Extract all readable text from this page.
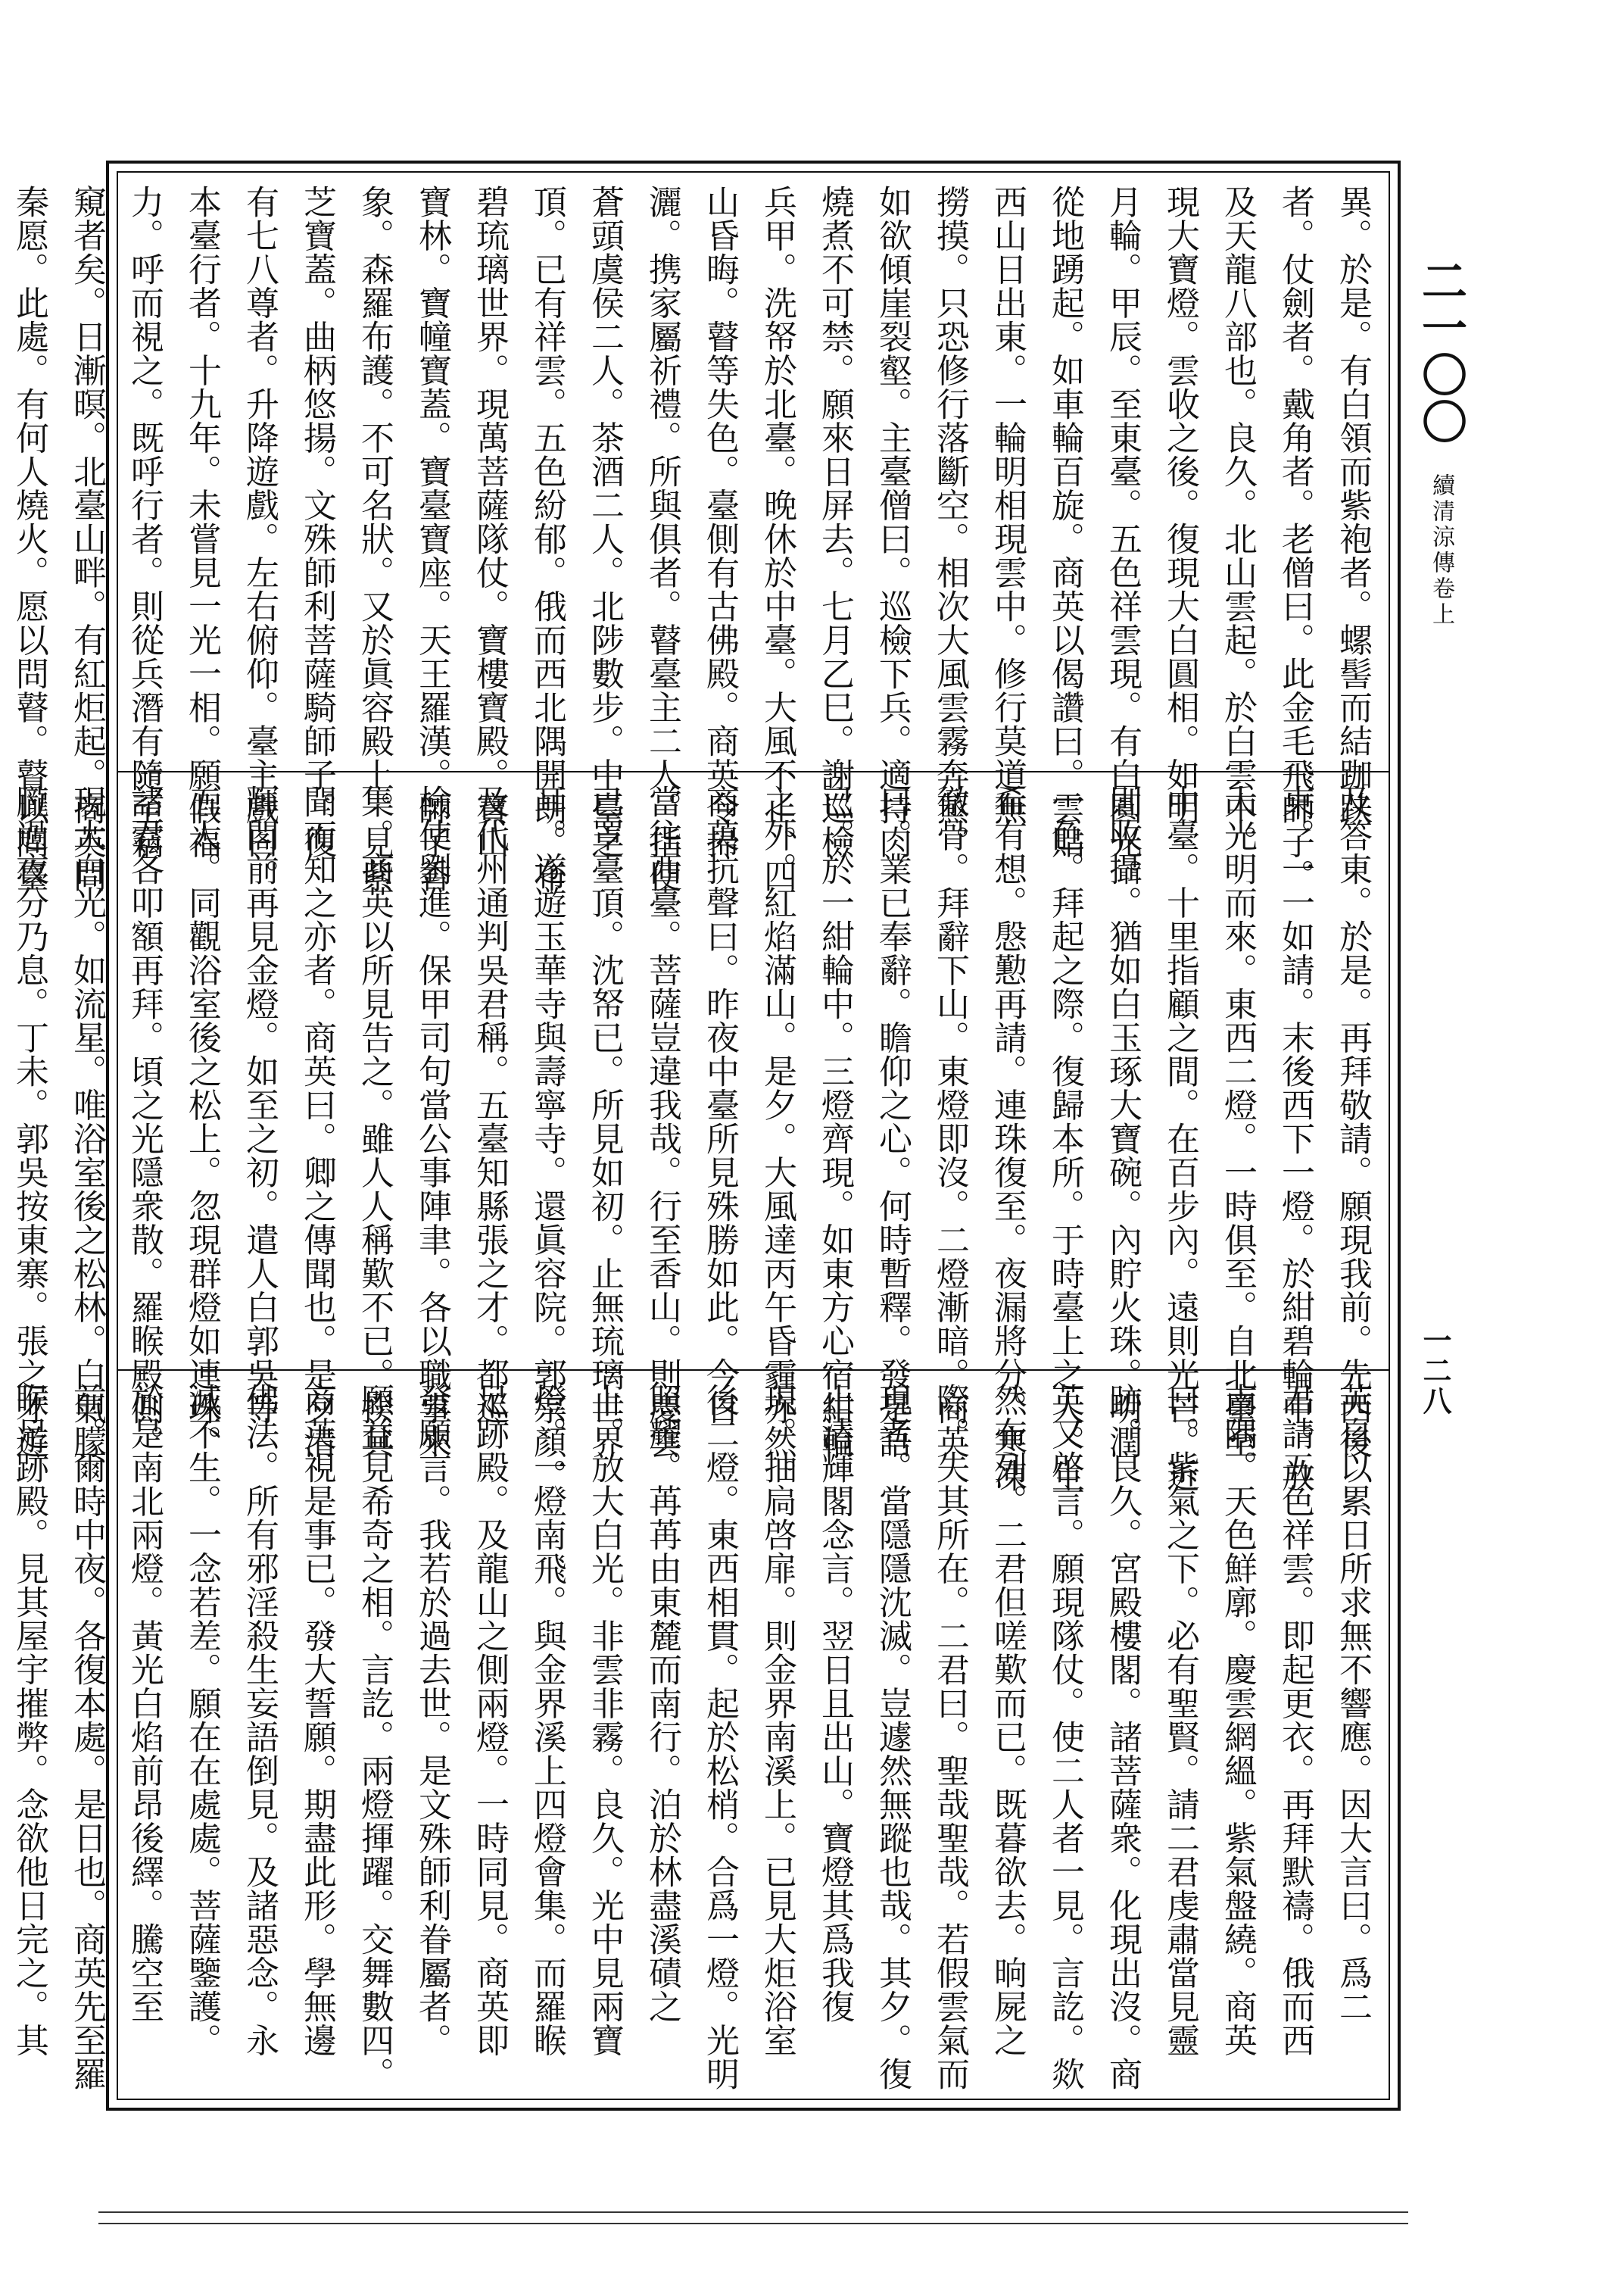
二一〇〇 續清涼傳卷上
一二八
異。於是。有白領而紫袍者。螺髻而結跏趺
者。仗劍者。戴角者。老僧曰。此金毛飛師子。
及天龍八部也。良久。北山雲起。於白雲中。
現大寶燈。雲收之後。復現大白圓相。如明
月輪。甲辰。至東臺。五色祥雲現。有白圓光。
從地踴起。如車輪百旋。商英以偈讚曰。雲貼
西山日出東。一輪明相現雲中。修行莫道無
撈摸。只恐修行落斷空。相次大風雲霧奔蒸。
如欲傾崖裂壑。主臺僧曰。巡檢下兵。適持肉
燒煮不可禁。願來日屏去。七月乙巳。謝巡檢
兵甲。洗帑於北臺。晚休於中臺。大風不止。四
山昏晦。瞽等失色。臺側有古佛殿。商英令掃
灑。携家屬祈禮。所與俱者。瞽臺主二人。指使
蒼頭虞侯二人。茶酒二人。北陟數步。中臺之
頂。已有祥雲。五色紛郁。俄而西北隅開朗。布
碧琉璃世界。現萬菩薩隊仗。寶樓寶殿。寶山
寶林。寶幢寶蓋。寶臺寶座。天王羅漢。師子香
象。森羅布護。不可名狀。又於眞容殿上。見紫
芝寶蓋。曲柄悠揚。文殊師利菩薩騎師子。復
有七八尊者。升降遊戲。左右俯仰。臺主戲曰。
本臺行者。十九年。未嘗見一光一相。願假福
力。呼而視之。既呼行者。則從兵潛有隨至竊
窺者矣。日漸暝。北臺山畔。有紅炬起。商英問
秦愿。此處。有何人燒火。愿以問瞽。瞽以問臺
及答東。於是。再拜敬請。願現我前。先西後
東。一一如請。末後西下一燈。於紺碧輪中。放
大光明而來。東西二燈。一時俱至。自北臺至
中臺。十里指顧之間。在百步內。遠則光芒。近
則收攝。猶如白玉琢大寶碗。內貯火珠。明潤
一色。拜起之際。復歸本所。于時臺上之人。生
希有想。慇懃再請。連珠復至。夜漏將分。寒凍
徹骨。拜辭下山。東燈即沒。二燈漸暗。商英
曰。業已奉辭。瞻仰之心。何時暫釋。發是語
已。於一紺輪中。三燈齊現。如東方心宿紺輪
之外。紅焰滿山。是夕。大風達丙午昏霾亦然。
商英抗聲曰。昨夜中臺所見殊勝如此。今日
當往西臺。菩薩豈違我哉。行至香山。則慶雲
已罩臺頂。沈帑已。所見如初。止無琉璃世界
耳。遂遊玉華寺與壽寧寺。還眞容院。郭宗顏。
及代州通判吳君稱。五臺知縣張之才。都巡
檢使劉進。保甲司句當公事陣聿。各以職事來
集。商英以所見告之。雖人人稱歎不已。揆其
聞而知之亦者。商英曰。卿之傳聞也。是夕清
輝閣前再見金燈。如至之初。遣人白郭吳等
五人。同觀浴室後之松上。忽現群燈如連珠。
諸君各叩額再拜。頃之光隱衆散。羅睺殿側。
現大白光。如流星。唯浴室後之松林。白氣朦
朧過夜分乃息。丁未。郭吳按東寨。張之才遊
英自以累日所求無不響應。因大言曰。爲二
君請五色祥雲。即起更衣。再拜默禱。俄而西
南隅。天色鮮廓。慶雲網縕。紫氣盤繞。商英
曰。紫氣之下。必有聖賢。請二君虔肅當見靈
跡。良久。宮殿樓閣。諸菩薩衆。化現出沒。商
英又啓言。願現隊仗。使二人者一見。言訖。欻
然布列。二君但嗟歎而已。既暮欲去。晌屍之
際。失其所在。二君曰。聖哉聖哉。若假雲氣而
現者。當隱隱沈滅。豈遽然無蹤也哉。其夕。復
止清輝閣念言。翌日且出山。寶燈其爲我復
現。抽扃啓扉。則金界南溪上。已見大炬浴室
後二燈。東西相貫。起於松梢。合爲一燈。光明
照耀。苒苒由東麓而南行。泊於林盡溪磧之
上。放大白光。非雲非霧。良久。光中見兩寶
燈。一燈南飛。與金界溪上四燈會集。而羅睺
足跡殿。及龍山之側兩燈。一時同見。商英即
發願言。我若於過去世。是文殊師利眷屬者。
願益見希奇之相。言訖。兩燈揮躍。交舞數四。
商英視是事已。發大誓願。期盡此形。學無邊
佛法。所有邪淫殺生妄語倒見。及諸惡念。永
滅不生。一念若差。願在在處處。菩薩鑒護。
於是南北兩燈。黃光白焰前昂後繹。騰空至
前。爾時中夜。各復本處。是日也。商英先至羅
睺足跡殿。見其屋宇摧弊。念欲他日完之。其
